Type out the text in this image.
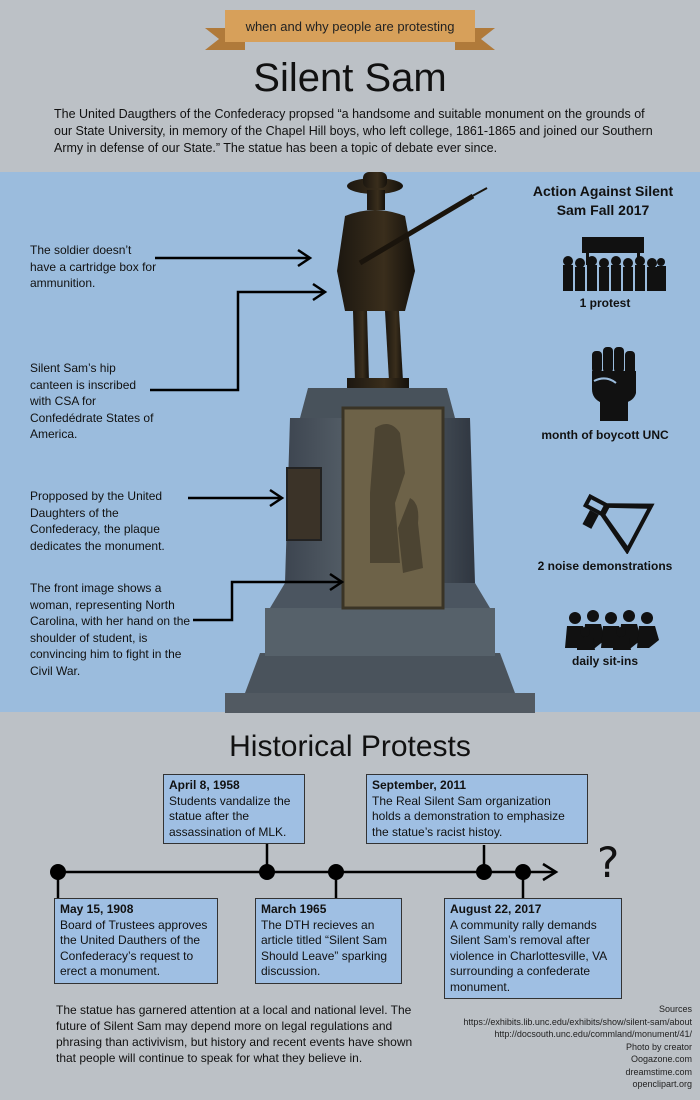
when and why people are protesting
Silent Sam
The United Daugthers of the Confederacy propsed “a handsome and suitable monument on the grounds of our State University, in memory of the Chapel Hill boys, who left college, 1861-1865 and joined our Southern Army in defense of our State.” The statue has been a topic of debate ever since.
The soldier doesn’t have a cartridge box for ammunition.
Silent Sam’s hip canteen is inscribed with CSA for Confedédrate States of America.
Propposed by the United Daughters of the Confederacy, the plaque dedicates the monument.
The front image shows a woman, representing North Carolina, with her hand on the shoulder of student, is convincing him to fight in the Civil War.
Action Against Silent Sam Fall 2017
1 protest
month of boycott UNC
2 noise demonstrations
daily sit-ins
Historical Protests
April 8, 1958
Students vandalize the statue after the assassination of MLK.
September, 2011
The Real Silent Sam organization holds a demonstration to emphasize the statue’s racist histoy.
May 15, 1908
Board of Trustees approves the United Dauthers of the Confederacy’s request to erect a monument.
March 1965
The DTH recieves an article titled “Silent Sam Should Leave” sparking discussion.
August 22, 2017
A community rally demands Silent Sam’s removal after violence in Charlottesville, VA surrounding a confederate monument.
?
The statue has garnered attention at a local and national level. The future of Silent Sam may depend more on legal regulations and phrasing than activivism, but history and recent events have shown that people will continue to speak for what they believe in.
Sources
https://exhibits.lib.unc.edu/exhibits/show/silent-sam/about
http://docsouth.unc.edu/commland/monument/41/
Photo by creator
Oogazone.com
dreamstime.com
openclipart.org
